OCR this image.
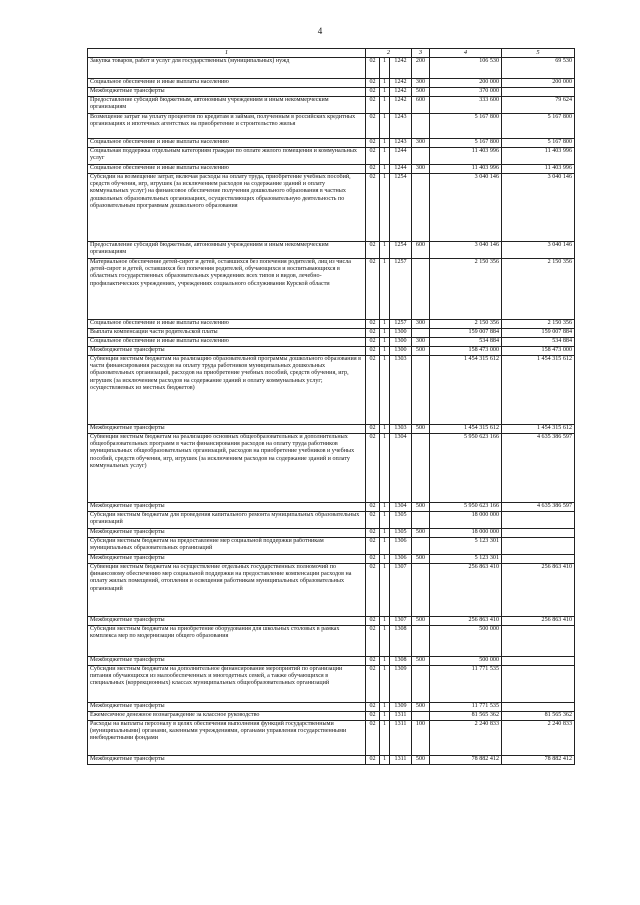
4
1	2			3	4	5
Закупка товаров, работ и услуг для государственных (муниципальных) нужд	02	1	1242	200	106 530	69 530
Социальное обеспечение и иные выплаты населению	02	1	1242	300	200 000	200 000
Межбюджетные трансферты	02	1	1242	500	370 000	
Предоставление субсидий бюджетным, автономным учреждениям и иным некоммерческим организациям	02	1	1242	600	333 600	79 624
Возмещение затрат на уплату процентов по кредитам и займам, полученным в российских кредитных организациях и ипотечных агентствах на приобретение и строительство жилья	02	1	1243		5 167 800	5 167 800
Социальное обеспечение и иные выплаты населению	02	1	1243	300	5 167 800	5 167 800
Социальная поддержка отдельным категориям граждан по оплате жилого помещения и коммунальных услуг	02	1	1244		11 403 996	11 403 996
Социальное обеспечение и иные выплаты населению	02	1	1244	300	11 403 996	11 403 996
Субсидии на возмещение затрат, включая расходы на оплату труда, приобретение учебных пособий, средств обучения, игр, игрушек (за исключением расходов на содержание зданий и оплату коммунальных услуг) на финансовое обеспечение получения дошкольного образования в частных дошкольных образовательных организациях, осуществляющих образовательную деятельность по образовательным программам дошкольного образования	02	1	1254		3 040 146	3 040 146
Предоставление субсидий бюджетным, автономным учреждениям и иным некоммерческим организациям	02	1	1254	600	3 040 146	3 040 146
Материальное обеспечение детей-сирот и детей, оставшихся без попечения родителей, лиц из числа детей-сирот и детей, оставшихся без попечения родителей, обучающихся и воспитывающихся в областных государственных образовательных учреждениях всех типов и видов, лечебно-профилактических учреждениях, учреждениях социального обслуживания Курской области	02	1	1257		2 150 356	2 150 356
Социальное обеспечение и иные выплаты населению	02	1	1257	300	2 150 356	2 150 356
Выплата компенсации части родительской платы	02	1	1300		159 007 884	159 007 884
Социальное обеспечение и иные выплаты населению	02	1	1300	300	534 884	534 884
Межбюджетные трансферты	02	1	1300	500	158 473 000	158 473 000
Субвенции местным бюджетам на реализацию образовательной программы дошкольного образования в части финансирования расходов на оплату труда работников муниципальных дошкольных образовательных организаций, расходов на приобретение учебных пособий, средств обучения, игр, игрушек (за исключением расходов на содержание зданий и оплату коммунальных услуг; осуществляемых из местных бюджетов)	02	1	1303		1 454 315 612	1 454 315 612
Межбюджетные трансферты	02	1	1303	500	1 454 315 612	1 454 315 612
Субвенции местным бюджетам на реализацию основных общеобразовательных и дополнительных общеобразовательных программ в части финансирования расходов на оплату труда работников муниципальных общеобразовательных организаций, расходов на приобретение учебников и учебных пособий, средств обучения, игр, игрушек (за исключением расходов на содержание зданий и оплату коммунальных услуг)	02	1	1304		5 950 623 166	4 635 386 597
Межбюджетные трансферты	02	1	1304	500	5 950 623 166	4 635 386 597
Субсидии местным бюджетам для проведения капитального ремонта муниципальных образовательных организаций	02	1	1305		18 000 000	
Межбюджетные трансферты	02	1	1305	500	18 000 000	
Субсидии местным бюджетам на предоставление мер социальной поддержки работникам муниципальных образовательных организаций	02	1	1306		5 123 301	
Межбюджетные трансферты	02	1	1306	500	5 123 301	
Субвенции местным бюджетам на осуществление отдельных государственных полномочий по финансовому обеспечению мер социальной поддержки на предоставление компенсации расходов на оплату жилых помещений, отопления и освещения работникам муниципальных образовательных организаций	02	1	1307		256 863 410	256 863 410
Межбюджетные трансферты	02	1	1307	500	256 863 410	256 863 410
Субсидии местным бюджетам на приобретение оборудования для школьных столовых в рамках комплекса мер по модернизации общего образования	02	1	1308		500 000	
Межбюджетные трансферты	02	1	1308	500	500 000	
Субсидии местным бюджетам на дополнительное финансирование мероприятий по организации питания обучающихся из малообеспеченных и многодетных семей, а также обучающихся в специальных (коррекционных) классах муниципальных общеобразовательных организаций	02	1	1309		11 771 535	
Межбюджетные трансферты	02	1	1309	500	11 771 535	
Ежемесячное денежное вознаграждение за классное руководство	02	1	1311		81 565 362	81 565 362
Расходы на выплаты персоналу в целях обеспечения выполнения функций государственными (муниципальными) органами, казенными учреждениями, органами управления государственными внебюджетными фондами	02	1	1311	100	2 240 833	2 240 833
Межбюджетные трансферты	02	1	1311	500	78 882 412	78 882 412
